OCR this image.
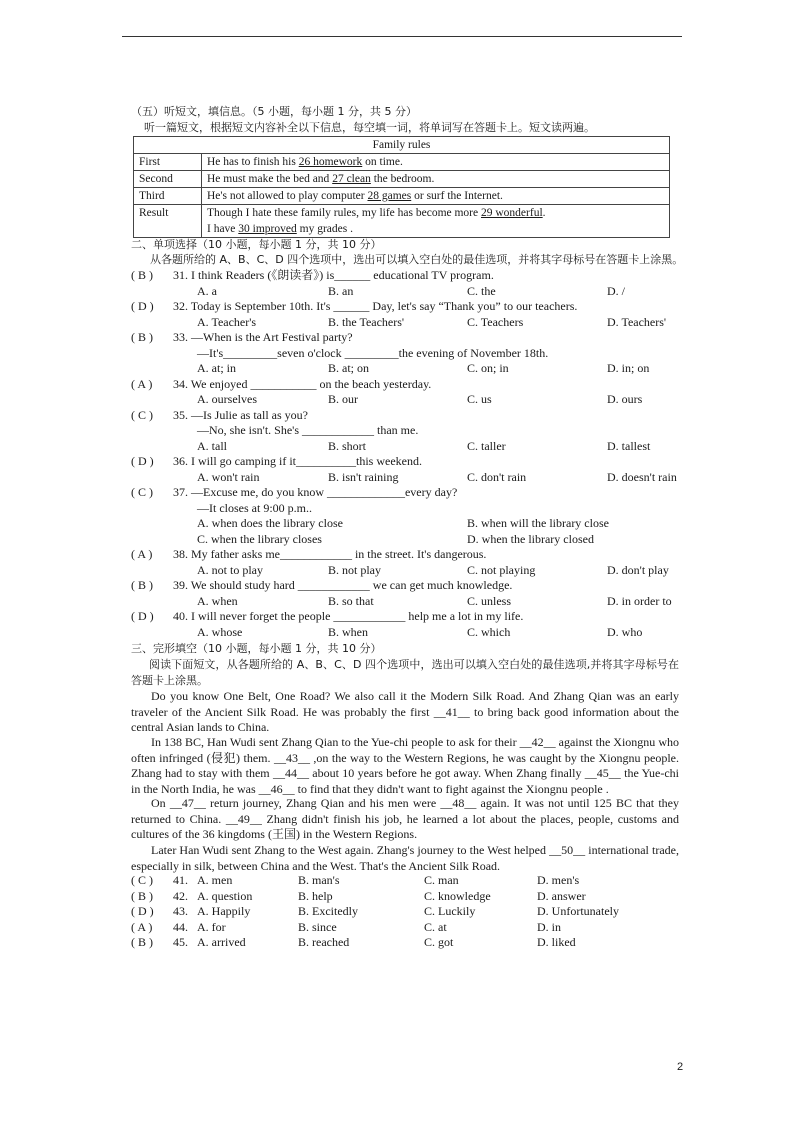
（五）听短文，填信息。（5 小题，每小题 1 分，共 5 分）
听一篇短文，根据短文内容补全以下信息，每空填一词，将单词写在答题卡上。短文读两遍。
Family rules	
First	He has to finish his 26 homework on time.
Second	He must make the bed and 27 clean the bedroom.
Third	He's not allowed to play computer 28 games or surf the Internet.
Result	Though I hate these family rules, my life has become more 29 wonderful.
I have 30 improved my grades .
二、单项选择（10 小题，每小题 1 分，共 10 分）
从各题所给的 A、B、C、D 四个选项中，选出可以填入空白处的最佳选项，并将其字母标号在答题卡上涂黑。
( B ) 31. I think Readers (《朗读者》) is______ educational TV program.
A. a	B. an	C. the	D. /
( D ) 32. Today is September 10th. It's ______ Day, let's say “Thank you” to our teachers.
A. Teacher's	B. the Teachers'	C. Teachers	D. Teachers'
( B ) 33. —When is the Art Festival party?
—It's_________seven o'clock _________the evening of November 18th.
A. at; in	B. at; on	C. on; in	D. in; on
( A ) 34. We enjoyed ___________ on the beach yesterday.
A. ourselves	B. our	C. us	D. ours
( C ) 35. —Is Julie as tall as you?
—No, she isn't. She's ____________ than me.
A. tall	B. short	C. taller	D. tallest
( D ) 36. I will go camping if it__________this weekend.
A. won't rain	B. isn't raining	C. don't rain	D. doesn't rain
( C ) 37. —Excuse me, do you know _____________every day?
—It closes at 9:00 p.m..
A. when does the library close	B. when will the library close
C. when the library closes	D. when the library closed
( A ) 38. My father asks me____________ in the street. It's dangerous.
A. not to play	B. not play	C. not playing	D. don't play
( B ) 39. We should study hard ____________ we can get much knowledge.
A. when	B. so that	C. unless	D. in order to
( D ) 40. I will never forget the people ____________ help me a lot in my life.
A. whose	B. when	C. which	D. who
三、完形填空（10 小题，每小题 1 分，共 10 分）
阅读下面短文，从各题所给的 A、B、C、D 四个选项中，选出可以填入空白处的最佳选项,并将其字母标号在答题卡上涂黑。
Do you know One Belt, One Road? We also call it the Modern Silk Road. And Zhang Qian was an early traveler of the Ancient Silk Road. He was probably the first __41__ to bring back good information about the central Asian lands to China.
In 138 BC, Han Wudi sent Zhang Qian to the Yue-chi people to ask for their __42__ against the Xiongnu who often infringed (侵犯) them. __43__ ,on the way to the Western Regions, he was caught by the Xiongnu people. Zhang had to stay with them __44__ about 10 years before he got away. When Zhang finally __45__ the Yue-chi in the North India, he was __46__ to find that they didn't want to fight against the Xiongnu people .
On __47__ return journey, Zhang Qian and his men were __48__ again. It was not until 125 BC that they returned to China. __49__ Zhang didn't finish his job, he learned a lot about the places, people, customs and cultures of the 36 kingdoms (王国) in the Western Regions.
Later Han Wudi sent Zhang to the West again. Zhang's journey to the West helped __50__ international trade, especially in silk, between China and the West. That's the Ancient Silk Road.
( C ) 41. A. men	B. man's	C. man	D. men's
( B ) 42. A. question	B. help	C. knowledge	D. answer
( D ) 43. A. Happily	B. Excitedly	C. Luckily	D. Unfortunately
( A ) 44. A. for	B. since	C. at	D. in
( B ) 45. A. arrived	B. reached	C. got	D. liked
2
